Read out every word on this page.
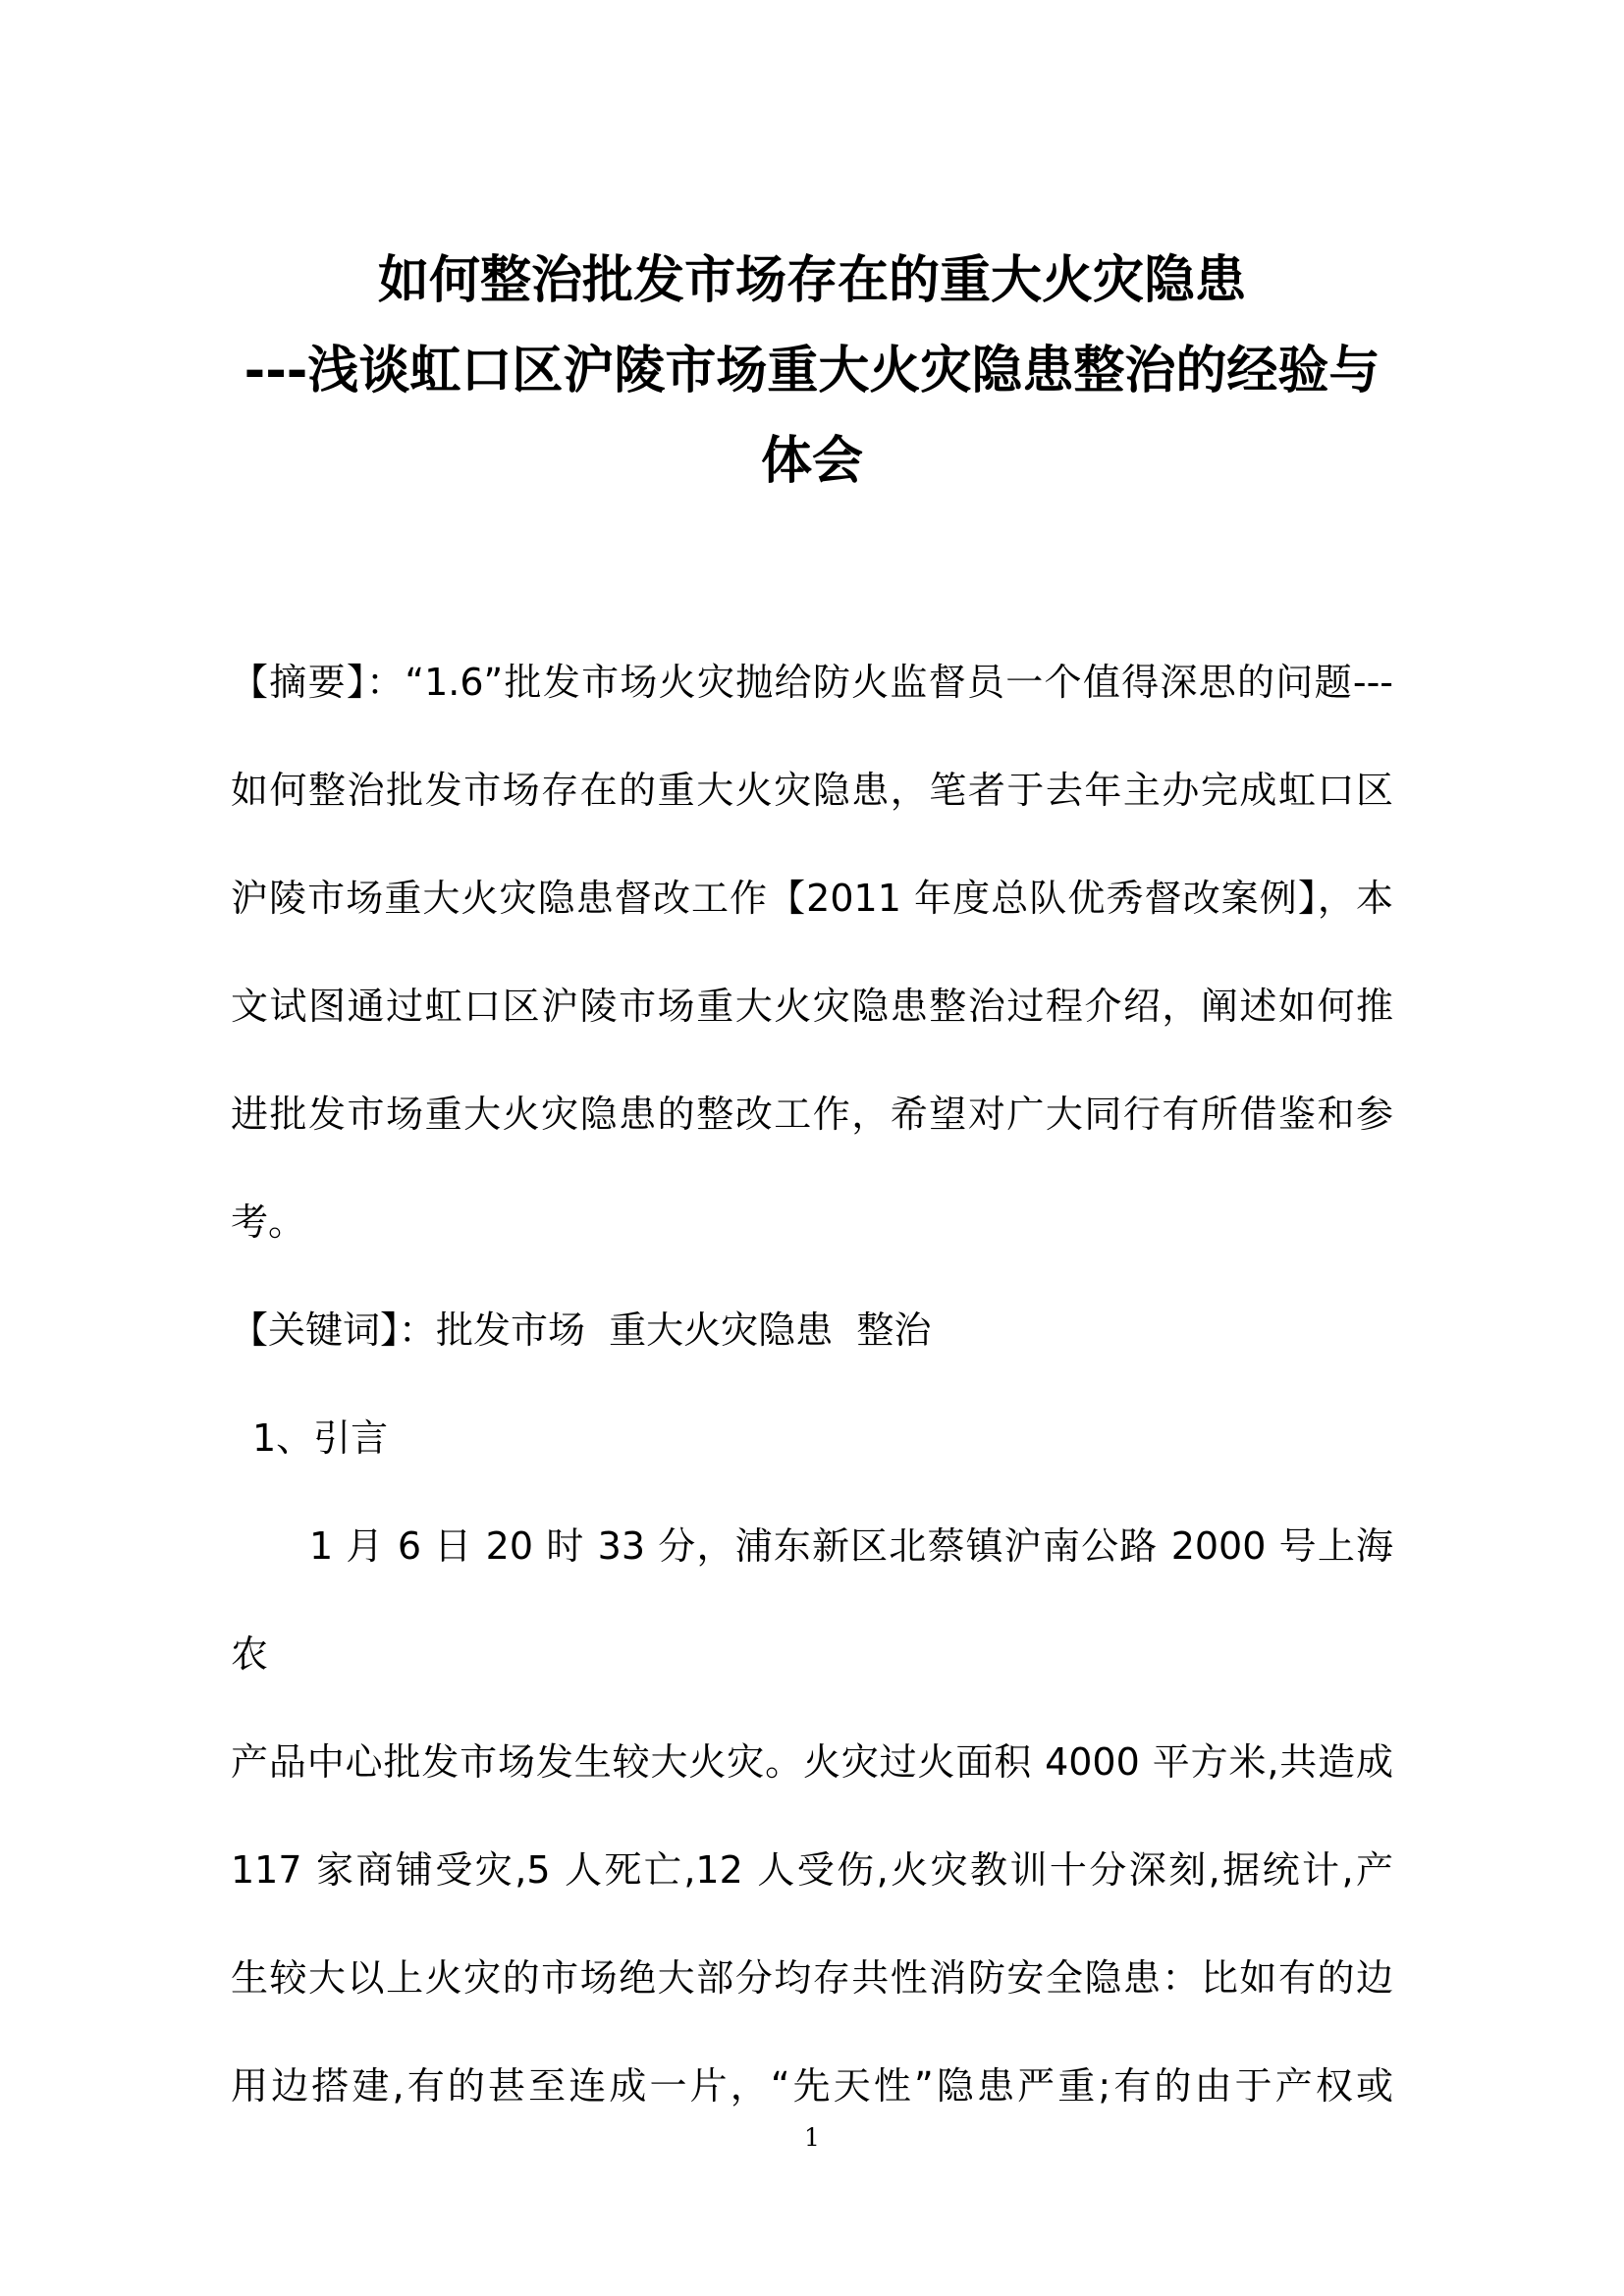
如何整治批发市场存在的重大火灾隐患
---浅谈虹口区沪陵市场重大火灾隐患整治的经验与
体会
【摘要】：“1.6”批发市场火灾抛给防火监督员一个值得深思的问题---
如何整治批发市场存在的重大火灾隐患，笔者于去年主办完成虹口区
沪陵市场重大火灾隐患督改工作【2011 年度总队优秀督改案例】，本
文试图通过虹口区沪陵市场重大火灾隐患整治过程介绍，阐述如何推
进批发市场重大火灾隐患的整改工作，希望对广大同行有所借鉴和参
考。
【关键词】：批发市场  重大火灾隐患  整治
1、引言
1 月 6 日 20 时 33 分，浦东新区北蔡镇沪南公路 2000 号上海农
产品中心批发市场发生较大火灾。火灾过火面积 4000 平方米,共造成
117 家商铺受灾,5 人死亡,12 人受伤,火灾教训十分深刻,据统计,产
生较大以上火灾的市场绝大部分均存共性消防安全隐患：比如有的边
用边搭建,有的甚至连成一片，“先天性”隐患严重;有的由于产权或
1
